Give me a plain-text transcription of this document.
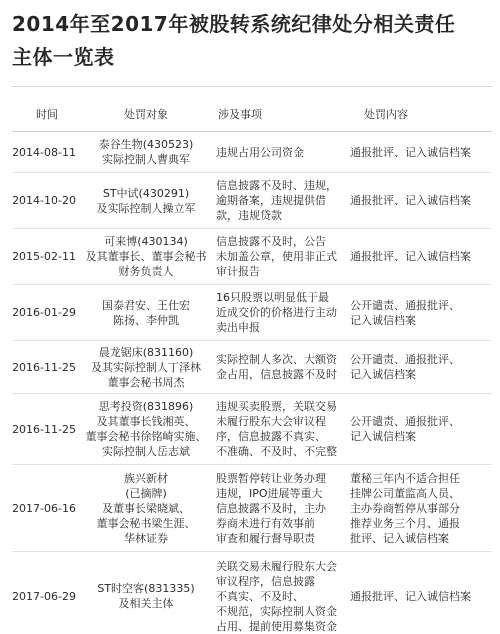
2014年至2017年被股转系统纪律处分相关责任
主体一览表
时间	处罚对象	涉及事项	处罚内容
2014-08-11	泰谷生物(430523)
实际控制人曹典军	违规占用公司资金	通报批评、记入诚信档案

2014-10-20	ST中试(430291)
及实际控制人操立军	信息披露不及时、违规，
逾期备案，违规提供借
款，违规贷款	通报批评、记入诚信档案

2015-02-11	可来博(430134)
及其董事长、董事会秘书
财务负责人	信息披露不及时，公告
未加盖公章，使用非正式
审计报告	通报批评、记入诚信档案

2016-01-29	国泰君安、王仕宏
陈扬、李仲凯	16只股票以明显低于最
近成交价的价格进行主动
卖出申报	公开谴责、通报批评、
记入诚信档案

2016-11-25	晨龙锯床(831160)
及其实际控制人丁泽林
董事会秘书周杰	实际控制人多次、大额资
金占用，信息披露不及时	公开谴责、通报批评、
记入诚信档案

2016-11-25	思考投资(831896)
及其董事长钱湘英、
董事会秘书徐铭崎实施、
实际控制人岳志斌	违规买卖股票，关联交易
未履行股东大会审议程
序，信息披露不真实、
不准确、不及时、不完整	公开谴责、通报批评、
记入诚信档案

2017-06-16	族兴新材
(已摘牌)
及董事长梁晓斌、
董事会秘书梁生涯、
华林证券	股票暂停转让业务办理
违规，IPO进展等重大
信息披露不及时，主办
券商未进行有效事前
审查和履行督导职责	董秘三年内不适合担任
挂牌公司董监高人员、
主办券商暂停从事部分
推荐业务三个月、通报
批评、记入诚信档案

2017-06-29	ST时空客(831335)
及相关主体	关联交易未履行股东大会
审议程序，信息披露
不真实、不及时、
不规范，实际控制人资金
占用、提前使用募集资金	通报批评、记入诚信档案
